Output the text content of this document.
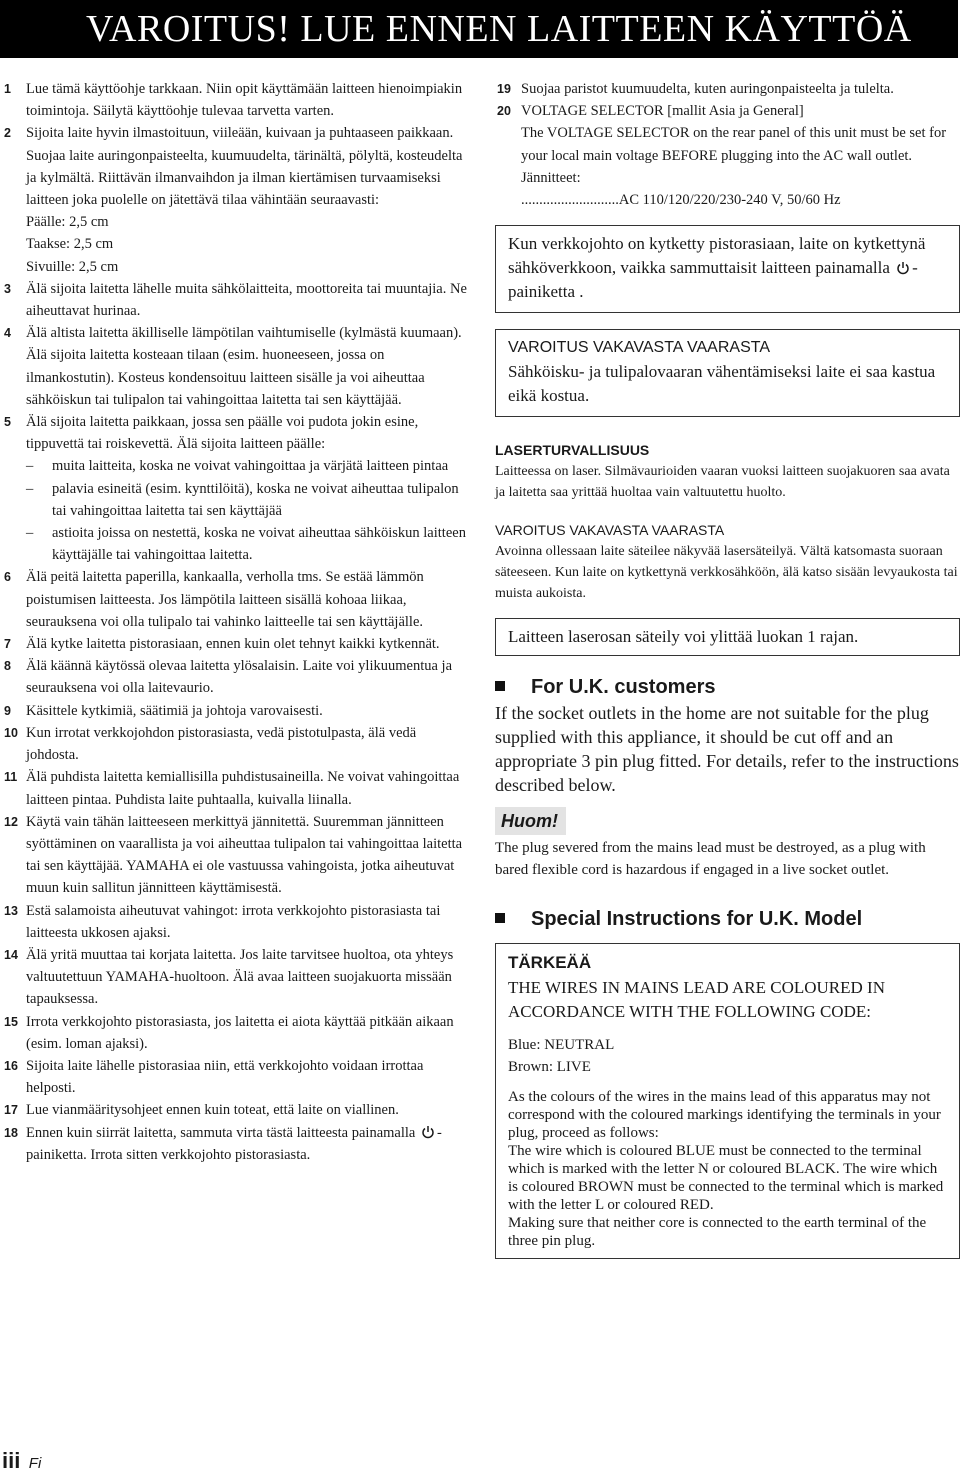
VAROITUS! LUE ENNEN LAITTEEN KÄYTTÖÄ
1 Lue tämä käyttöohje tarkkaan. Niin opit käyttämään laitteen hienoimpiakin toimintoja. Säilytä käyttöohje tulevaa tarvetta varten.
2 Sijoita laite hyvin ilmastoituun, viileään, kuivaan ja puhtaaseen paikkaan. Suojaa laite auringonpaisteelta, kuumuudelta, tärinältä, pölyltä, kosteudelta ja kylmältä. Riittävän ilmanvaihdon ja ilman kiertämisen turvaamiseksi laitteen joka puolelle on jätettävä tilaa vähintään seuraavasti:
Päälle: 2,5 cm
Taakse: 2,5 cm
Sivuille: 2,5 cm
3 Älä sijoita laitetta lähelle muita sähkölaitteita, moottoreita tai muuntajia. Ne aiheuttavat hurinaa.
4 Älä altista laitetta äkilliselle lämpötilan vaihtumiselle (kylmästä kuumaan). Älä sijoita laitetta kosteaan tilaan (esim. huoneeseen, jossa on ilmankostutin). Kosteus kondensoituu laitteen sisälle ja voi aiheuttaa sähköiskun tai tulipalon tai vahingoittaa laitetta tai sen käyttäjää.
5 Älä sijoita laitetta paikkaan, jossa sen päälle voi pudota jokin esine, tippuvettä tai roiskevettä. Älä sijoita laitteen päälle:
– muita laitteita, koska ne voivat vahingoittaa ja värjätä laitteen pintaa
– palavia esineitä (esim. kynttilöitä), koska ne voivat aiheuttaa tulipalon tai vahingoittaa laitetta tai sen käyttäjää
– astioita joissa on nestettä, koska ne voivat aiheuttaa sähköiskun laitteen käyttäjälle tai vahingoittaa laitetta.
6 Älä peitä laitetta paperilla, kankaalla, verholla tms. Se estää lämmön poistumisen laitteesta. Jos lämpötila laitteen sisällä kohoaa liikaa, seurauksena voi olla tulipalo tai vahinko laitteelle tai sen käyttäjälle.
7 Älä kytke laitetta pistorasiaan, ennen kuin olet tehnyt kaikki kytkennät.
8 Älä käännä käytössä olevaa laitetta ylösalaisin. Laite voi ylikuumentua ja seurauksena voi olla laitevaurio.
9 Käsittele kytkimiä, säätimiä ja johtoja varovaisesti.
10 Kun irrotat verkkojohdon pistorasiasta, vedä pistotulpasta, älä vedä johdosta.
11 Älä puhdista laitetta kemiallisilla puhdistusaineilla. Ne voivat vahingoittaa laitteen pintaa. Puhdista laite puhtaalla, kuivalla liinalla.
12 Käytä vain tähän laitteeseen merkittyä jännitettä. Suuremman jännitteen syöttäminen on vaarallista ja voi aiheuttaa tulipalon tai vahingoittaa laitetta tai sen käyttäjää. YAMAHA ei ole vastuussa vahingoista, jotka aiheutuvat muun kuin sallitun jännitteen käyttämisestä.
13 Estä salamoista aiheutuvat vahingot: irrota verkkojohto pistorasiasta tai laitteesta ukkosen ajaksi.
14 Älä yritä muuttaa tai korjata laitetta. Jos laite tarvitsee huoltoa, ota yhteys valtuutettuun YAMAHA-huoltoon. Älä avaa laitteen suojakuorta missään tapauksessa.
15 Irrota verkkojohto pistorasiasta, jos laitetta ei aiota käyttää pitkään aikaan (esim. loman ajaksi).
16 Sijoita laite lähelle pistorasiaa niin, että verkkojohto voidaan irrottaa helposti.
17 Lue vianmääritysohjeet ennen kuin toteat, että laite on viallinen.
18 Ennen kuin siirrät laitetta, sammuta virta tästä laitteesta painamalla -painiketta. Irrota sitten verkkojohto pistorasiasta.
19 Suojaa paristot kuumuudelta, kuten auringonpaisteelta ja tulelta.
20 VOLTAGE SELECTOR [mallit Asia ja General]
The VOLTAGE SELECTOR on the rear panel of this unit must be set for your local main voltage BEFORE plugging into the AC wall outlet. Jännitteet:
...........................AC 110/120/220/230-240 V, 50/60 Hz
Kun verkkojohto on kytketty pistorasiaan, laite on kytkettynä sähköverkkoon, vaikka sammuttaisit laitteen painamalla -painiketta .
VAROITUS VAKAVASTA VAARASTA
Sähköisku- ja tulipalovaaran vähentämiseksi laite ei saa kastua eikä kostua.
LASERTURVALLISUUS
Laitteessa on laser. Silmävaurioiden vaaran vuoksi laitteen suojakuoren saa avata ja laitetta saa yrittää huoltaa vain valtuutettu huolto.
VAROITUS VAKAVASTA VAARASTA
Avoinna ollessaan laite säteilee näkyvää lasersäteilyä. Vältä katsomasta suoraan säteeseen. Kun laite on kytkettynä verkkosähköön, älä katso sisään levyaukosta tai muista aukoista.
Laitteen laserosan säteily voi ylittää luokan 1 rajan.
For U.K. customers
If the socket outlets in the home are not suitable for the plug supplied with this appliance, it should be cut off and an appropriate 3 pin plug fitted. For details, refer to the instructions described below.
Huom!
The plug severed from the mains lead must be destroyed, as a plug with bared flexible cord is hazardous if engaged in a live socket outlet.
Special Instructions for U.K. Model
TÄRKEÄÄ
THE WIRES IN MAINS LEAD ARE COLOURED IN ACCORDANCE WITH THE FOLLOWING CODE:
Blue: NEUTRAL
Brown: LIVE
As the colours of the wires in the mains lead of this apparatus may not correspond with the coloured markings identifying the terminals in your plug, proceed as follows:
The wire which is coloured BLUE must be connected to the terminal which is marked with the letter N or coloured BLACK. The wire which is coloured BROWN must be connected to the terminal which is marked with the letter L or coloured RED.
Making sure that neither core is connected to the earth terminal of the three pin plug.
iii Fi
